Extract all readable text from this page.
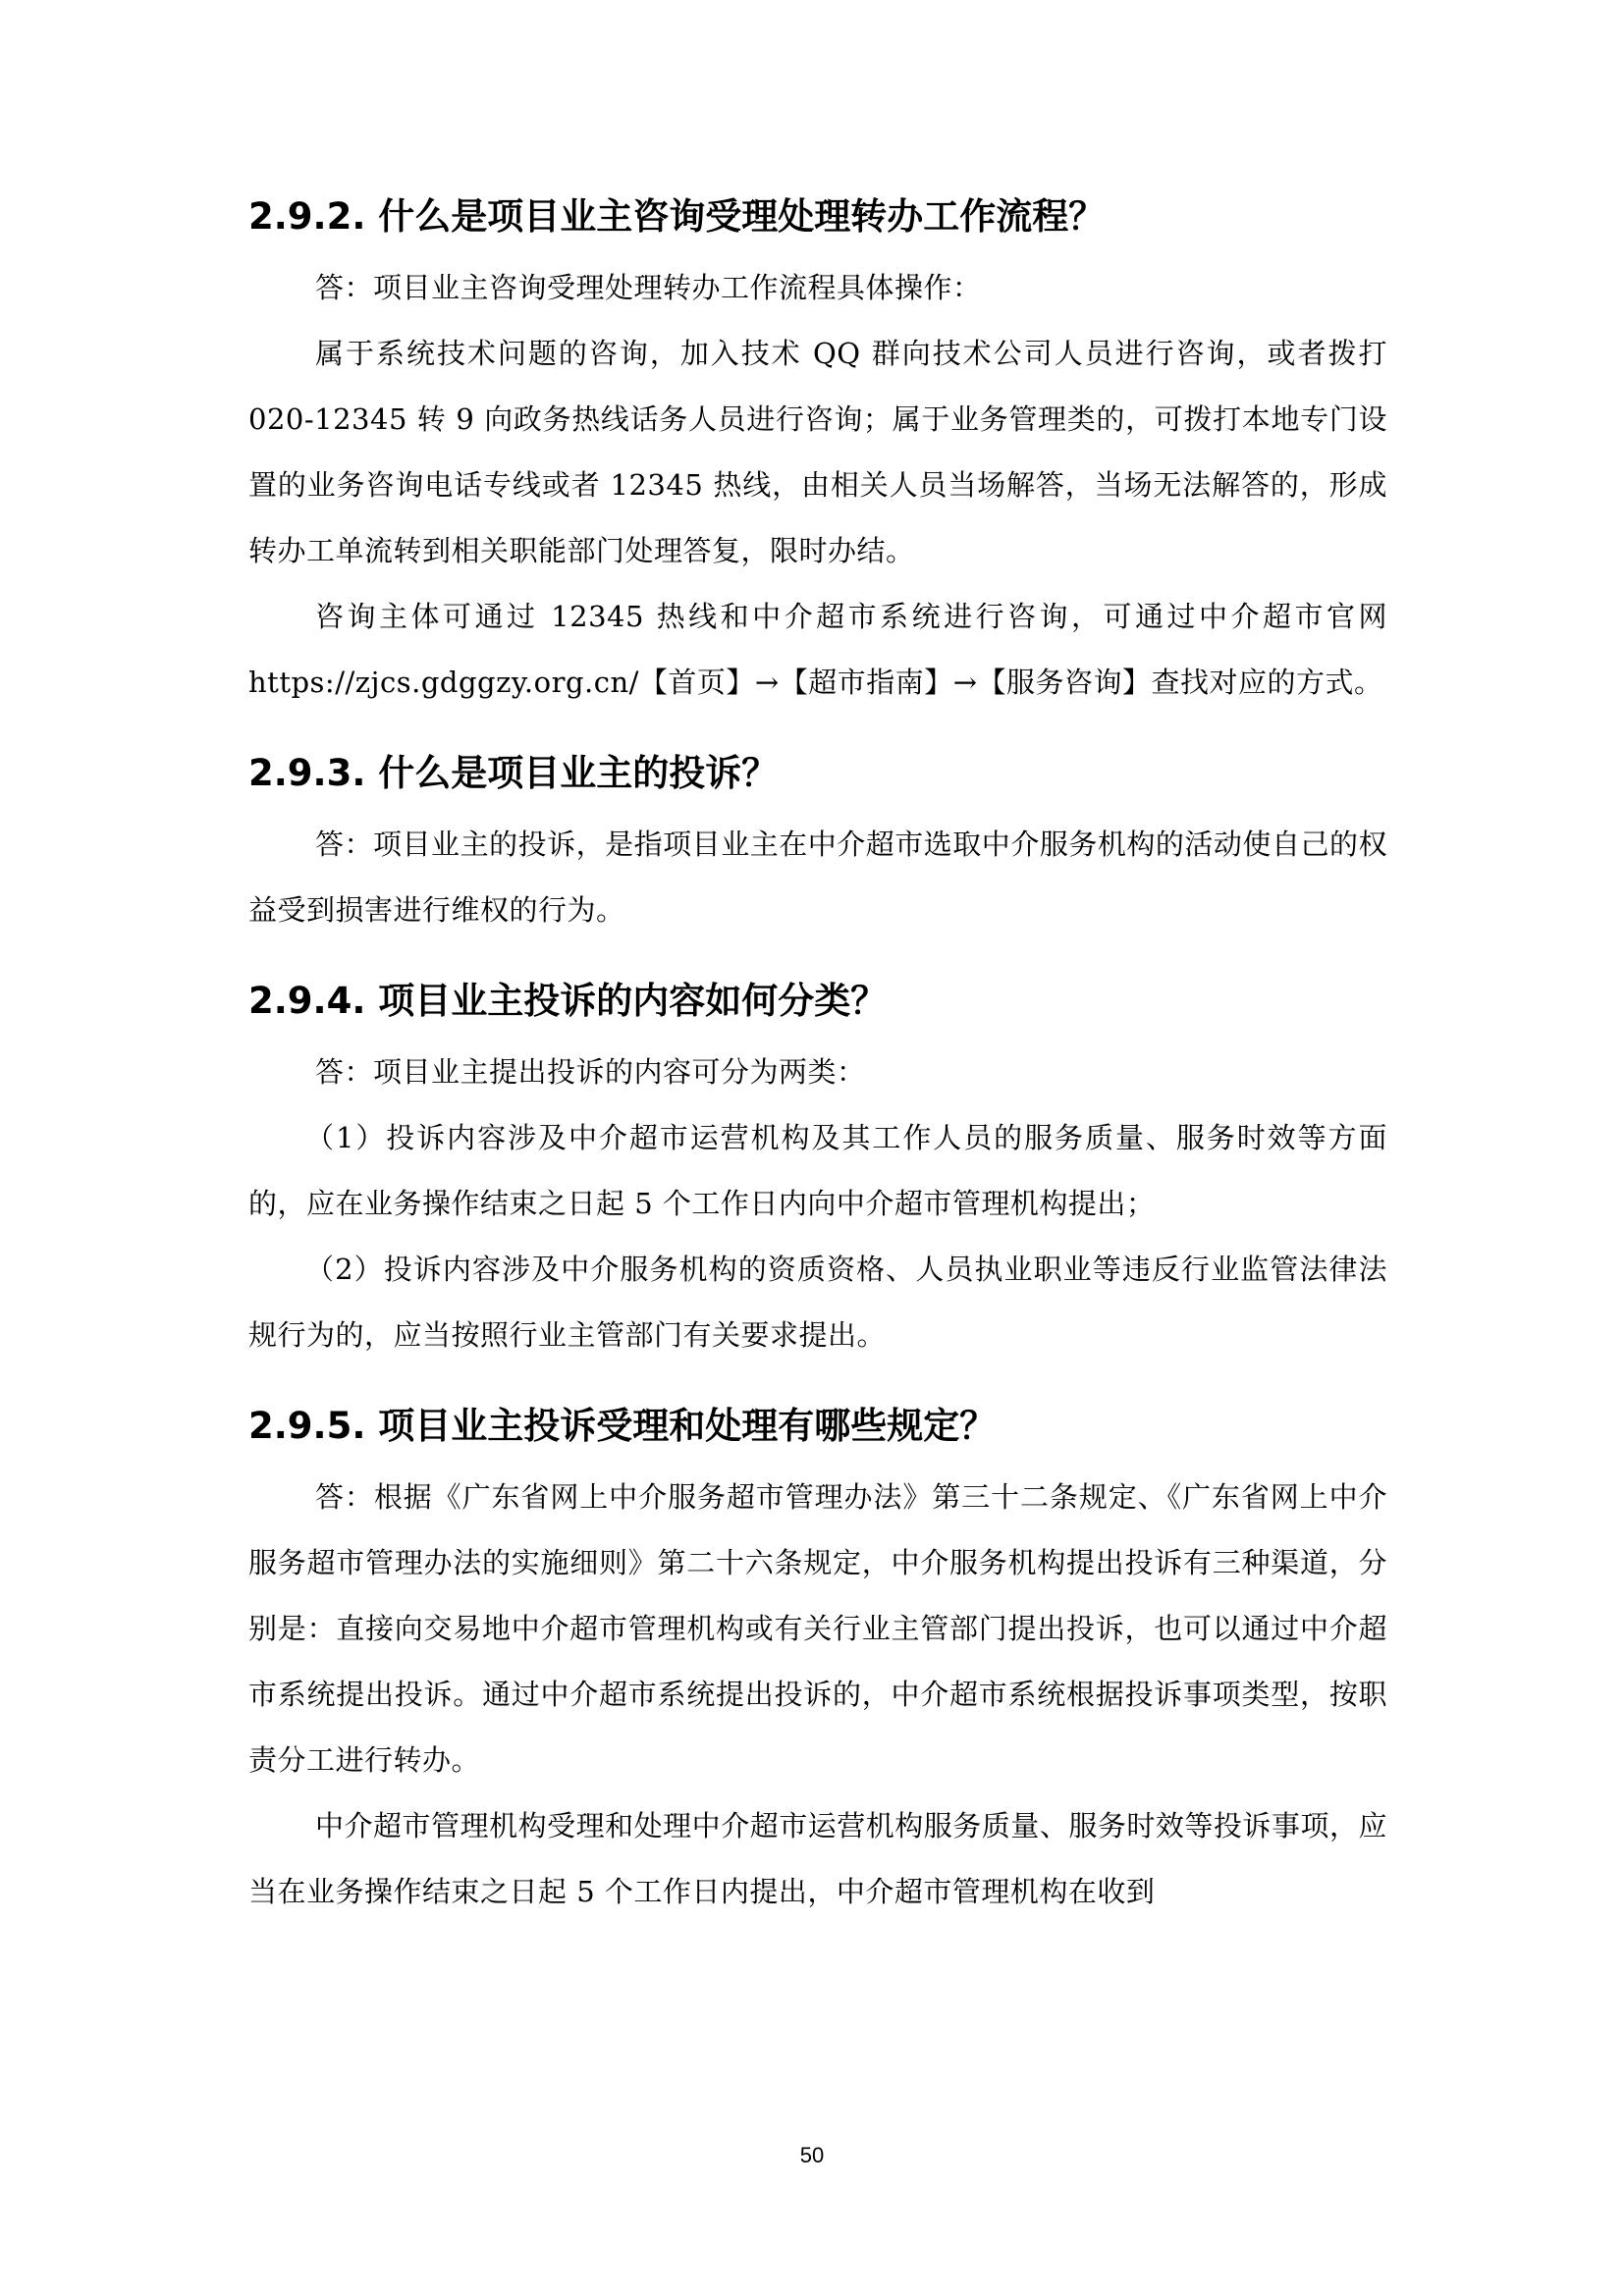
2.9.2. 什么是项目业主咨询受理处理转办工作流程？

答：项目业主咨询受理处理转办工作流程具体操作：

属于系统技术问题的咨询，加入技术 QQ 群向技术公司人员进行咨询，或者拨打 020-12345 转 9 向政务热线话务人员进行咨询；属于业务管理类的，可拨打本地专门设置的业务咨询电话专线或者 12345 热线，由相关人员当场解答，当场无法解答的，形成转办工单流转到相关职能部门处理答复，限时办结。

咨询主体可通过 12345 热线和中介超市系统进行咨询，可通过中介超市官网 https://zjcs.gdggzy.org.cn/【首页】→【超市指南】→【服务咨询】查找对应的方式。

2.9.3. 什么是项目业主的投诉？

答：项目业主的投诉，是指项目业主在中介超市选取中介服务机构的活动使自己的权益受到损害进行维权的行为。

2.9.4. 项目业主投诉的内容如何分类？

答：项目业主提出投诉的内容可分为两类：

（1）投诉内容涉及中介超市运营机构及其工作人员的服务质量、服务时效等方面的，应在业务操作结束之日起 5 个工作日内向中介超市管理机构提出；

（2）投诉内容涉及中介服务机构的资质资格、人员执业职业等违反行业监管法律法规行为的，应当按照行业主管部门有关要求提出。

2.9.5. 项目业主投诉受理和处理有哪些规定？

答：根据《广东省网上中介服务超市管理办法》第三十二条规定、《广东省网上中介服务超市管理办法的实施细则》第二十六条规定，中介服务机构提出投诉有三种渠道，分别是：直接向交易地中介超市管理机构或有关行业主管部门提出投诉，也可以通过中介超市系统提出投诉。通过中介超市系统提出投诉的，中介超市系统根据投诉事项类型，按职责分工进行转办。

中介超市管理机构受理和处理中介超市运营机构服务质量、服务时效等投诉事项，应当在业务操作结束之日起 5 个工作日内提出，中介超市管理机构在收到

50
